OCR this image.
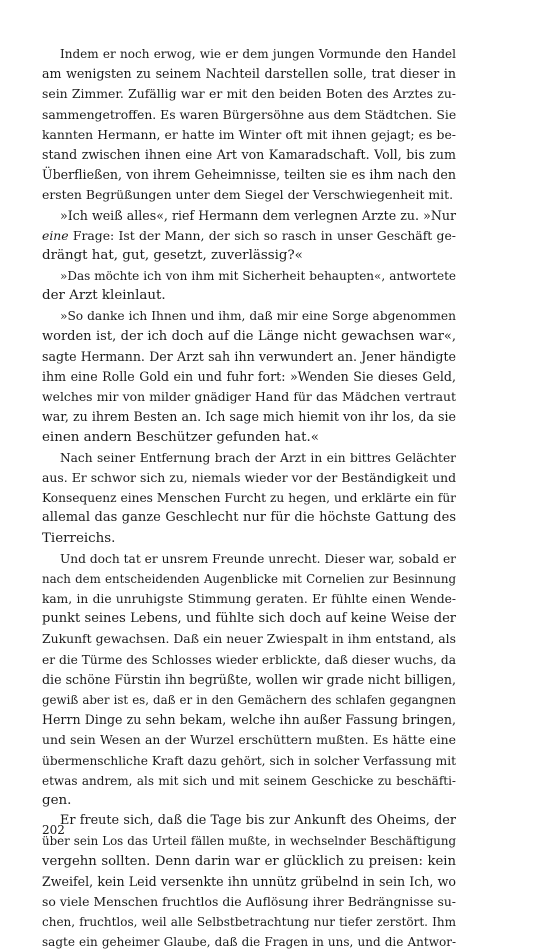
Indem er noch erwog, wie er dem jungen Vormunde den Handel
am wenigsten zu seinem Nachteil darstellen solle, trat dieser in
sein Zimmer. Zufällig war er mit den beiden Boten des Arztes zu-
sammengetroffen. Es waren Bürgersöhne aus dem Städtchen. Sie
kannten Hermann, er hatte im Winter oft mit ihnen gejagt; es be-
stand zwischen ihnen eine Art von Kamaradschaft. Voll, bis zum
Überfließen, von ihrem Geheimnisse, teilten sie es ihm nach den
ersten Begrüßungen unter dem Siegel der Verschwiegenheit mit.
»Ich weiß alles«, rief Hermann dem verlegnen Arzte zu. »Nur
eine Frage: Ist der Mann, der sich so rasch in unser Geschäft ge-
drängt hat, gut, gesetzt, zuverlässig?«
»Das möchte ich von ihm mit Sicherheit behaupten«, antwortete
der Arzt kleinlaut.
»So danke ich Ihnen und ihm, daß mir eine Sorge abgenommen
worden ist, der ich doch auf die Länge nicht gewachsen war«,
sagte Hermann. Der Arzt sah ihn verwundert an. Jener händigte
ihm eine Rolle Gold ein und fuhr fort: »Wenden Sie dieses Geld,
welches mir von milder gnädiger Hand für das Mädchen vertraut
war, zu ihrem Besten an. Ich sage mich hiemit von ihr los, da sie
einen andern Beschützer gefunden hat.«
Nach seiner Entfernung brach der Arzt in ein bittres Gelächter
aus. Er schwor sich zu, niemals wieder vor der Beständigkeit und
Konsequenz eines Menschen Furcht zu hegen, und erklärte ein für
allemal das ganze Geschlecht nur für die höchste Gattung des
Tierreichs.
Und doch tat er unsrem Freunde unrecht. Dieser war, sobald er
nach dem entscheidenden Augenblicke mit Cornelien zur Besinnung
kam, in die unruhigste Stimmung geraten. Er fühlte einen Wende-
punkt seines Lebens, und fühlte sich doch auf keine Weise der
Zukunft gewachsen. Daß ein neuer Zwiespalt in ihm entstand, als
er die Türme des Schlosses wieder erblickte, daß dieser wuchs, da
die schöne Fürstin ihn begrüßte, wollen wir grade nicht billigen,
gewiß aber ist es, daß er in den Gemächern des schlafen gegangnen
Herrn Dinge zu sehn bekam, welche ihn außer Fassung bringen,
und sein Wesen an der Wurzel erschüttern mußten. Es hätte eine
übermenschliche Kraft dazu gehört, sich in solcher Verfassung mit
etwas andrem, als mit sich und mit seinem Geschicke zu beschäfti-
gen.
Er freute sich, daß die Tage bis zur Ankunft des Oheims, der
über sein Los das Urteil fällen mußte, in wechselnder Beschäftigung
vergehn sollten. Denn darin war er glücklich zu preisen: kein
Zweifel, kein Leid versenkte ihn unnütz grübelnd in sein Ich, wo
so viele Menschen fruchtlos die Auflösung ihrer Bedrängnisse su-
chen, fruchtlos, weil alle Selbstbetrachtung nur tiefer zerstört. Ihm
sagte ein geheimer Glaube, daß die Fragen in uns, und die Antwor-
202
